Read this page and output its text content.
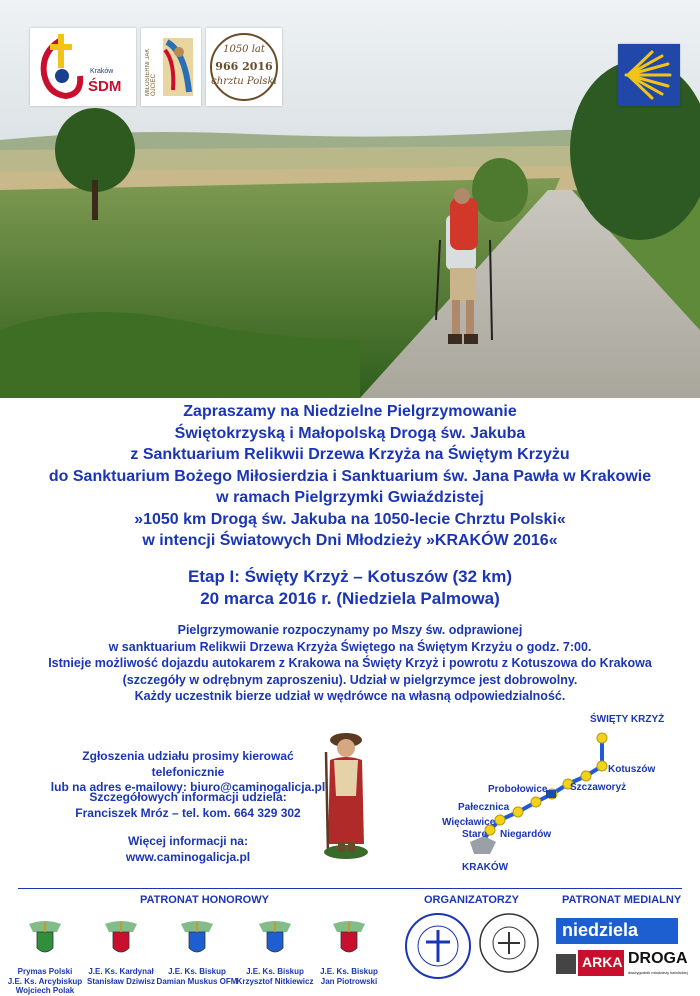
Kraków
ŚDM	MIŁOSIERNI JAK OJCIEC
1050 lat
966 2016
chrztu Polski
Zapraszamy na Niedzielne Pielgrzymowanie
Świętokrzyską i Małopolską Drogą św. Jakuba
z Sanktuarium Relikwii Drzewa Krzyża na Świętym Krzyżu
do Sanktuarium Bożego Miłosierdzia i Sanktuarium św. Jana Pawła w Krakowie
w ramach Pielgrzymki Gwiaździstej
»1050 km Drogą św. Jakuba na 1050-lecie Chrztu Polski«
w intencji Światowych Dni Młodzieży »KRAKÓW 2016«
Etap I: Święty Krzyż – Kotuszów (32 km)
20 marca 2016 r. (Niedziela Palmowa)
Pielgrzymowanie rozpoczynamy po Mszy św. odprawionej
w sanktuarium Relikwii Drzewa Krzyża Świętego na Świętym Krzyżu o godz. 7:00.
Istnieje możliwość dojazdu autokarem z Krakowa na Święty Krzyż i powrotu z Kotuszowa do Krakowa
(szczegóły w odrębnym zaproszeniu). Udział w pielgrzymce jest dobrowolny.
Każdy uczestnik bierze udział w wędrówce na własną odpowiedzialność.
Zgłoszenia udziału prosimy kierować telefonicznie
lub na adres e-mailowy: biuro@caminogalicja.pl
Szczegółowych informacji udziela:
Franciszek Mróz – tel. kom. 664 329 302
Więcej informacji na:
www.caminogalicja.pl
ŚWIĘTY KRZYŻ
Kotuszów
Szczaworyż
Probołowice
Pałecznica
Więcławice
Stare Niegardów
KRAKÓW
PATRONAT HONOROWY	ORGANIZATORZY	PATRONAT MEDIALNY
Prymas Polski
J.E. Ks. Arcybiskup
Wojciech Polak
J.E. Ks. Kardynał
Stanisław Dziwisz
J.E. Ks. Biskup
Damian Muskus OFM
J.E. Ks. Biskup
Krzysztof Nitkiewicz
J.E. Ks. Biskup
Jan Piotrowski
niedziela
ARKA DROGA
dwutygodnik młodzieży katolickiej
